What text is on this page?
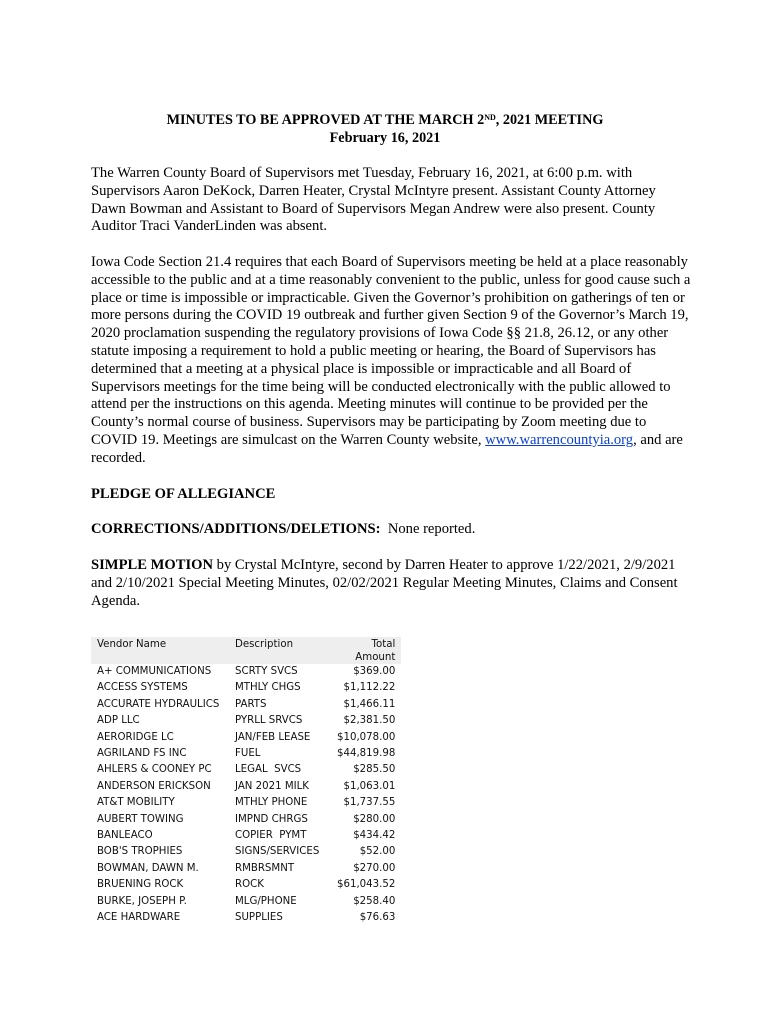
MINUTES TO BE APPROVED AT THE MARCH 2ND, 2021 MEETING
February 16, 2021

The Warren County Board of Supervisors met Tuesday, February 16, 2021, at 6:00 p.m. with Supervisors Aaron DeKock, Darren Heater, Crystal McIntyre present. Assistant County Attorney Dawn Bowman and Assistant to Board of Supervisors Megan Andrew were also present. County Auditor Traci VanderLinden was absent.

Iowa Code Section 21.4 requires that each Board of Supervisors meeting be held at a place reasonably accessible to the public and at a time reasonably convenient to the public, unless for good cause such a place or time is impossible or impracticable. Given the Governor’s prohibition on gatherings of ten or more persons during the COVID 19 outbreak and further given Section 9 of the Governor’s March 19, 2020 proclamation suspending the regulatory provisions of Iowa Code §§ 21.8, 26.12, or any other statute imposing a requirement to hold a public meeting or hearing, the Board of Supervisors has determined that a meeting at a physical place is impossible or impracticable and all Board of Supervisors meetings for the time being will be conducted electronically with the public allowed to attend per the instructions on this agenda. Meeting minutes will continue to be provided per the County’s normal course of business. Supervisors may be participating by Zoom meeting due to COVID 19. Meetings are simulcast on the Warren County website, www.warrencountyia.org, and are recorded.

PLEDGE OF ALLEGIANCE

CORRECTIONS/ADDITIONS/DELETIONS:  None reported.

SIMPLE MOTION by Crystal McIntyre, second by Darren Heater to approve 1/22/2021, 2/9/2021 and 2/10/2021 Special Meeting Minutes, 02/02/2021 Regular Meeting Minutes, Claims and Consent Agenda.

Vendor Name	Description	Total
Amount

A+ COMMUNICATIONS	SCRTY SVCS	$369.00
ACCESS SYSTEMS	MTHLY CHGS	$1,112.22
ACCURATE HYDRAULICS	PARTS	$1,466.11
ADP LLC	PYRLL SRVCS	$2,381.50
AERORIDGE LC	JAN/FEB LEASE	$10,078.00
AGRILAND FS INC	FUEL	$44,819.98
AHLERS & COONEY PC	LEGAL  SVCS	$285.50
ANDERSON ERICKSON	JAN 2021 MILK	$1,063.01
AT&T MOBILITY	MTHLY PHONE	$1,737.55
AUBERT TOWING	IMPND CHRGS	$280.00
BANLEACO	COPIER  PYMT	$434.42
BOB'S TROPHIES	SIGNS/SERVICES	$52.00
BOWMAN, DAWN M.	RMBRSMNT	$270.00
BRUENING ROCK	ROCK	$61,043.52
BURKE, JOSEPH P.	MLG/PHONE	$258.40
ACE HARDWARE	SUPPLIES	$76.63
